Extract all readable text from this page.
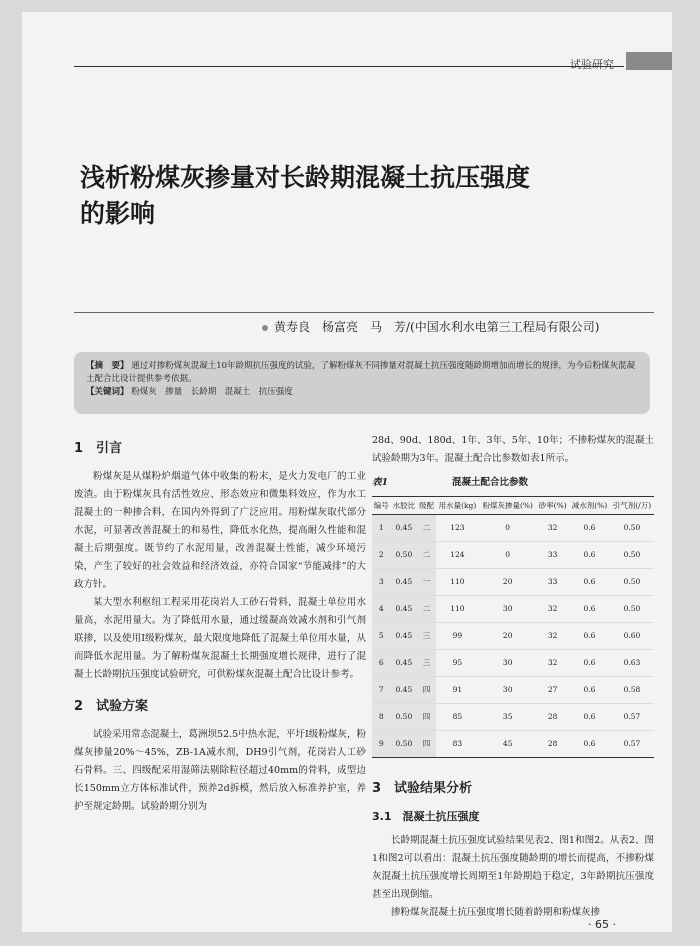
试验研究
浅析粉煤灰掺量对长龄期混凝土抗压强度
的影响
黄寿良　杨富亮　马　芳/(中国水利水电第三工程局有限公司)
【摘　要】 通过对掺粉煤灰混凝土10年龄期抗压强度的试验，了解粉煤灰不同掺量对混凝土抗压强度随龄期增加而增长的规律，为今后粉煤灰混凝土配合比设计提供参考依据。
【关键词】 粉煤灰　掺量　长龄期　混凝土　抗压强度
1　引言

粉煤灰是从煤粉炉烟道气体中收集的粉末，是火力发电厂的工业废渣。由于粉煤灰具有活性效应、形态效应和微集料效应，作为水工混凝土的一种掺合料，在国内外得到了广泛应用。用粉煤灰取代部分水泥，可显著改善混凝土的和易性，降低水化热，提高耐久性能和混凝土后期强度。既节约了水泥用量，改善混凝土性能，减少环境污染，产生了较好的社会效益和经济效益，亦符合国家“节能减排”的大政方针。

某大型水利枢纽工程采用花岗岩人工砂石骨料，混凝土单位用水量高，水泥用量大。为了降低用水量，通过缓凝高效减水剂和引气剂联掺，以及使用Ⅰ级粉煤灰，最大限度地降低了混凝土单位用水量，从而降低水泥用量。为了解粉煤灰混凝土长期强度增长规律，进行了混凝土长龄期抗压强度试验研究，可供粉煤灰混凝土配合比设计参考。

2　试验方案

试验采用常态混凝土，葛洲坝52.5中热水泥，平圩Ⅰ级粉煤灰，粉煤灰掺量20%～45%，ZB-1A减水剂，DH9引气剂，花岗岩人工砂石骨料。三、四级配采用湿筛法剔除粒径超过40mm的骨料，成型边长150mm立方体标准试件，预养2d拆模，然后放入标准养护室，养护至规定龄期。试验龄期分别为

28d、90d、180d、1年、3年、5年、10年；不掺粉煤灰的混凝土试验龄期为3年。混凝土配合比参数如表1所示。

表1	混凝土配合比参数
编号	水胶比	级配	用水量(kg)	粉煤灰掺量(%)	砂率(%)	减水剂(%)	引气剂(/万)
1	0.45	二	123	0	32	0.6	0.50
2	0.50	二	124	0	33	0.6	0.50
3	0.45	一	110	20	33	0.6	0.50
4	0.45	二	110	30	32	0.6	0.50
5	0.45	三	99	20	32	0.6	0.60
6	0.45	三	95	30	32	0.6	0.63
7	0.45	四	91	30	27	0.6	0.58
8	0.50	四	85	35	28	0.6	0.57
9	0.50	四	83	45	28	0.6	0.57
3　试验结果分析
3.1　混凝土抗压强度

长龄期混凝土抗压强度试验结果见表2、图1和图2。从表2、图1和图2可以看出：混凝土抗压强度随龄期的增长而提高，不掺粉煤灰混凝土抗压强度增长周期至1年龄期趋于稳定，3年龄期抗压强度甚至出现倒缩。

掺粉煤灰混凝土抗压强度增长随着龄期和粉煤灰掺

· 65 ·
